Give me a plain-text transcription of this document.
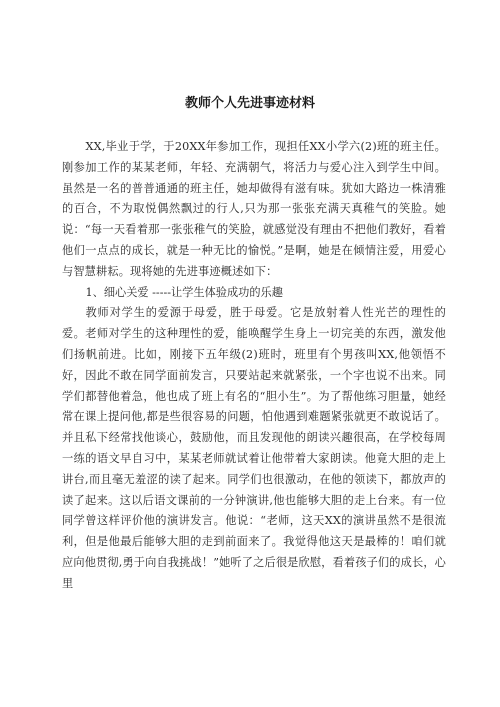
教师个人先进事迹材料

XX,毕业于学，于20XX年参加工作，现担任XX小学六(2)班的班主任。刚参加工作的某某老师，年轻、充满朝气，将活力与爱心注入到学生中间。虽然是一名的普普通通的班主任，她却做得有滋有味。犹如大路边一株清雅的百合，不为取悦偶然飘过的行人,只为那一张张充满天真稚气的笑脸。她说：“每一天看着那一张张稚气的笑脸，就感觉没有理由不把他们教好，看着他们一点点的成长，就是一种无比的愉悦。”是啊，她是在倾情注爱，用爱心与智慧耕耘。现将她的先进事迹概述如下：

1、细心关爱 -----让学生体验成功的乐趣

教师对学生的爱源于母爱，胜于母爱。它是放射着人性光芒的理性的爱。老师对学生的这种理性的爱，能唤醒学生身上一切完美的东西，激发他们扬帆前进。比如，刚接下五年级(2)班时，班里有个男孩叫XX,他领悟不好，因此不敢在同学面前发言，只要站起来就紧张，一个字也说不出来。同学们都替他着急，他也成了班上有名的“胆小生”。为了帮他练习胆量，她经常在课上提问他,都是些很容易的问题，怕他遇到难题紧张就更不敢说话了。并且私下经常找他谈心，鼓励他，而且发现他的朗读兴趣很高，在学校每周一练的语文早自习中，某某老师就试着让他带着大家朗读。他竟大胆的走上讲台,而且毫无羞涩的读了起来。同学们也很激动，在他的领读下，都放声的读了起来。这以后语文课前的一分钟演讲,他也能够大胆的走上台来。有一位同学曾这样评价他的演讲发言。他说：“老师，这天XX的演讲虽然不是很流利，但是他最后能够大胆的走到前面来了。我觉得他这天是最棒的！咱们就应向他贯彻,勇于向自我挑战！”她听了之后很是欣慰，看着孩子们的成长，心里
